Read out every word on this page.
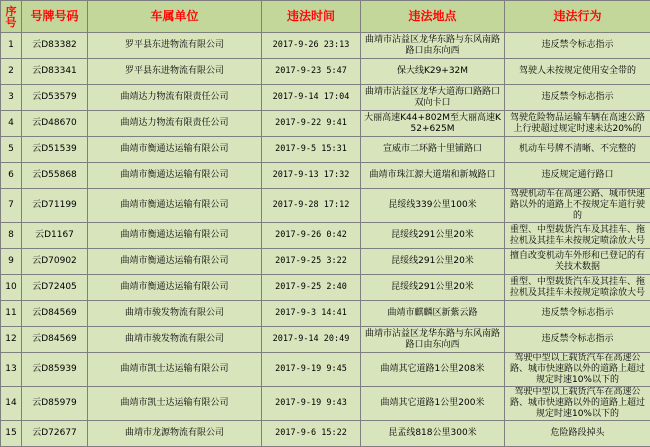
序号	号牌号码	车属单位	违法时间	违法地点	违法行为
1	云D83382	罗平县东进物流有限公司	2017-9-26 23:13	曲靖市沾益区龙华东路与东风南路路口由东向西	违反禁令标志指示
2	云D83341	罗平县东进物流有限公司	2017-9-23 5:47	保大线K29+32M	驾驶人未按规定使用安全带的
3	云D53579	曲靖达力物流有限责任公司	2017-9-14 17:04	曲靖市沾益区龙华大道海口路路口双向卡口	违反禁令标志指示
4	云D48670	曲靖达力物流有限责任公司	2017-9-22 9:41	大丽高速K44+802M至大丽高速K52+625M	驾驶危险物品运输车辆在高速公路上行驶超过规定时速未达20%的
5	云D51539	曲靖市衡通达运输有限公司	2017-9-5 15:31	宣威市二环路十里铺路口	机动车号牌不清晰、不完整的
6	云D55868	曲靖市衡通达运输有限公司	2017-9-13 17:32	曲靖市珠江源大道瑞和新城路口	违反规定通行路口
7	云D71199	曲靖市衡通达运输有限公司	2017-9-28 17:12	昆绥线339公里100米	驾驶机动车在高速公路、城市快速路以外的道路上不按规定车道行驶的
8	云D1167	曲靖市衡通达运输有限公司	2017-9-26 0:42	昆绥线291公里20米	重型、中型载货汽车及其挂车、拖拉机及其挂车未按规定喷涂放大号
9	云D70902	曲靖市衡通达运输有限公司	2017-9-25 3:22	昆绥线291公里20米	擅自改变机动车外形和已登记的有关技术数据
10	云D72405	曲靖市衡通达运输有限公司	2017-9-25 2:40	昆绥线291公里20米	重型、中型载货汽车及其挂车、拖拉机及其挂车未按规定喷涂放大号
11	云D84569	曲靖市骏发物流有限公司	2017-9-3 14:41	曲靖市麒麟区新紫云路	违反禁令标志指示
12	云D84569	曲靖市骏发物流有限公司	2017-9-14 20:49	曲靖市沾益区龙华东路与东风南路路口由东向西	违反禁令标志指示
13	云D85939	曲靖市凯士达运输有限公司	2017-9-19 9:45	曲靖其它道路1公里208米	驾驶中型以上载货汽车在高速公路、城市快速路以外的道路上超过规定时速10%以下的
14	云D85979	曲靖市凯士达运输有限公司	2017-9-19 9:43	曲靖其它道路1公里200米	驾驶中型以上载货汽车在高速公路、城市快速路以外的道路上超过规定时速10%以下的
15	云D72677	曲靖市龙源物流有限公司	2017-9-6 15:22	昆孟线818公里300米	危险路段掉头
